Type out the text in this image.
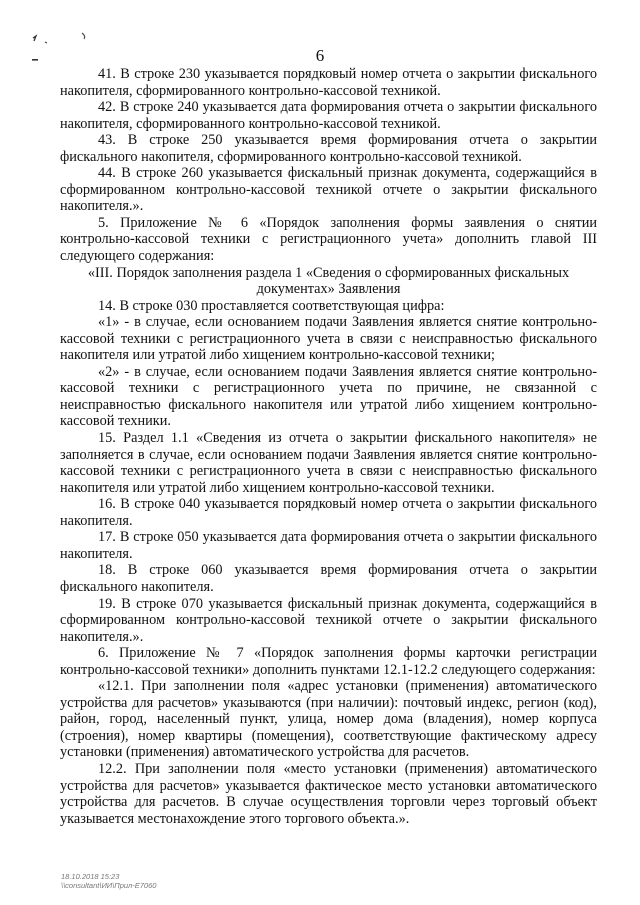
6

41. В строке 230 указывается порядковый номер отчета о закрытии фискального накопителя, сформированного контрольно-кассовой техникой.

42. В строке 240 указывается дата формирования отчета о закрытии фискального накопителя, сформированного контрольно-кассовой техникой.

43. В строке 250 указывается время формирования отчета о закрытии фискального накопителя, сформированного контрольно-кассовой техникой.

44. В строке 260 указывается фискальный признак документа, содержащийся в сформированном контрольно-кассовой техникой отчете о закрытии фискального накопителя.».

5. Приложение № 6 «Порядок заполнения формы заявления о снятии контрольно-кассовой техники с регистрационного учета» дополнить главой III следующего содержания:

«III. Порядок заполнения раздела 1 «Сведения о сформированных фискальных документах» Заявления

14. В строке 030 проставляется соответствующая цифра:

«1» - в случае, если основанием подачи Заявления является снятие контрольно-кассовой техники с регистрационного учета в связи с неисправностью фискального накопителя или утратой либо хищением контрольно-кассовой техники;

«2» - в случае, если основанием подачи Заявления является снятие контрольно-кассовой техники с регистрационного учета по причине, не связанной с неисправностью фискального накопителя или утратой либо хищением контрольно-кассовой техники.

15. Раздел 1.1 «Сведения из отчета о закрытии фискального накопителя» не заполняется в случае, если основанием подачи Заявления является снятие контрольно-кассовой техники с регистрационного учета в связи с неисправностью фискального накопителя или утратой либо хищением контрольно-кассовой техники.

16. В строке 040 указывается порядковый номер отчета о закрытии фискального накопителя.

17. В строке 050 указывается дата формирования отчета о закрытии фискального накопителя.

18. В строке 060 указывается время формирования отчета о закрытии фискального накопителя.

19. В строке 070 указывается фискальный признак документа, содержащийся в сформированном контрольно-кассовой техникой отчете о закрытии фискального накопителя.».

6. Приложение № 7 «Порядок заполнения формы карточки регистрации контрольно-кассовой техники» дополнить пунктами 12.1-12.2 следующего содержания:

«12.1. При заполнении поля «адрес установки (применения) автоматического устройства для расчетов» указываются (при наличии): почтовый индекс, регион (код), район, город, населенный пункт, улица, номер дома (владения), номер корпуса (строения), номер квартиры (помещения), соответствующие фактическому адресу установки (применения) автоматического устройства для расчетов.

12.2. При заполнении поля «место установки (применения) автоматического устройства для расчетов» указывается фактическое место установки автоматического устройства для расчетов. В случае осуществления торговли через торговый объект указывается местонахождение этого торгового объекта.».

18.10.2018 15:23
\\consultant\ИИ\Прил-Е7060
